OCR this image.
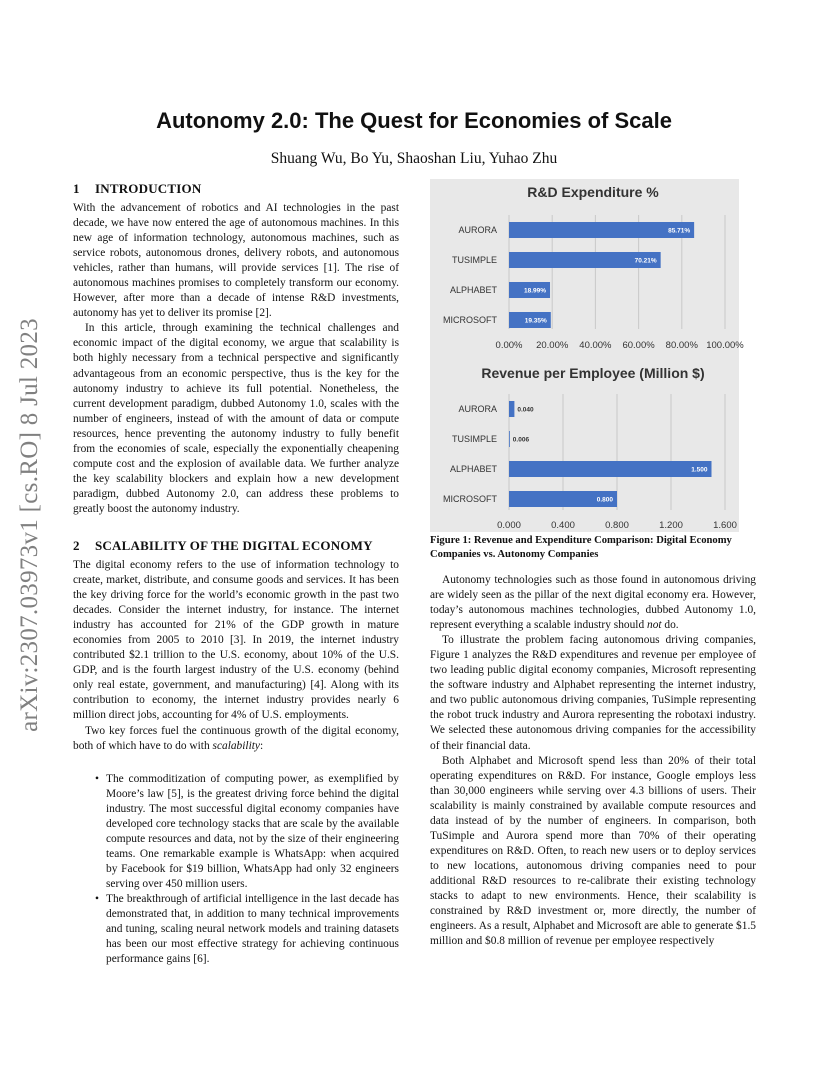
arXiv:2307.03973v1 [cs.RO] 8 Jul 2023
Autonomy 2.0: The Quest for Economies of Scale
Shuang Wu, Bo Yu, Shaoshan Liu, Yuhao Zhu
1 INTRODUCTION

With the advancement of robotics and AI technologies in the past decade, we have now entered the age of autonomous machines. In this new age of information technology, autonomous machines, such as service robots, autonomous drones, delivery robots, and autonomous vehicles, rather than humans, will provide services [1]. The rise of autonomous machines promises to completely transform our economy. However, after more than a decade of intense R&D investments, autonomy has yet to deliver its promise [2].

In this article, through examining the technical challenges and economic impact of the digital economy, we argue that scalability is both highly necessary from a technical perspective and significantly advantageous from an economic perspective, thus is the key for the autonomy industry to achieve its full potential. Nonetheless, the current development paradigm, dubbed Autonomy 1.0, scales with the number of engineers, instead of with the amount of data or compute resources, hence preventing the autonomy industry to fully benefit from the economies of scale, especially the exponentially cheapening compute cost and the explosion of available data. We further analyze the key scalability blockers and explain how a new development paradigm, dubbed Autonomy 2.0, can address these problems to greatly boost the autonomy industry.

2 SCALABILITY OF THE DIGITAL ECONOMY

The digital economy refers to the use of information technology to create, market, distribute, and consume goods and services. It has been the key driving force for the world’s economic growth in the past two decades. Consider the internet industry, for instance. The internet industry has accounted for 21% of the GDP growth in mature economies from 2005 to 2010 [3]. In 2019, the internet industry contributed $2.1 trillion to the U.S. economy, about 10% of the U.S. GDP, and is the fourth largest industry of the U.S. economy (behind only real estate, government, and manufacturing) [4]. Along with its contribution to economy, the internet industry provides nearly 6 million direct jobs, accounting for 4% of U.S. employments.

Two key forces fuel the continuous growth of the digital economy, both of which have to do with scalability:

• The commoditization of computing power, as exemplified by Moore’s law [5], is the greatest driving force behind the digital industry. The most successful digital economy companies have developed core technology stacks that are scale by the available compute resources and data, not by the size of their engineering teams. One remarkable example is WhatsApp: when acquired by Facebook for $19 billion, WhatsApp had only 32 engineers serving over 450 million users.
• The breakthrough of artificial intelligence in the last decade has demonstrated that, in addition to many technical improvements and tuning, scaling neural network models and training datasets has been our most effective strategy for achieving continuous performance gains [6].
R&D Expenditure %
0.00% 20.00% 40.00% 60.00% 80.00% 100.00%
AURORA	85.71%
TUSIMPLE	70.21%
ALPHABET	18.99%
MICROSOFT	19.35%
Revenue per Employee (Million $)
0.000	0.400	0.800	1.200	1.600
AURORA	0.040
TUSIMPLE 0.006
ALPHABET	1.500
MICROSOFT	0.800
Figure 1: Revenue and Expenditure Comparison: Digital Economy Companies vs. Autonomy Companies

Autonomy technologies such as those found in autonomous driving are widely seen as the pillar of the next digital economy era. However, today’s autonomous machines technologies, dubbed Autonomy 1.0, represent everything a scalable industry should not do.

To illustrate the problem facing autonomous driving companies, Figure 1 analyzes the R&D expenditures and revenue per employee of two leading public digital economy companies, Microsoft representing the software industry and Alphabet representing the internet industry, and two public autonomous driving companies, TuSimple representing the robot truck industry and Aurora representing the robotaxi industry. We selected these autonomous driving companies for the accessibility of their financial data.

Both Alphabet and Microsoft spend less than 20% of their total operating expenditures on R&D. For instance, Google employs less than 30,000 engineers while serving over 4.3 billions of users. Their scalability is mainly constrained by available compute resources and data instead of by the number of engineers. In comparison, both TuSimple and Aurora spend more than 70% of their operating expenditures on R&D. Often, to reach new users or to deploy services to new locations, autonomous driving companies need to pour additional R&D resources to re-calibrate their existing technology stacks to adapt to new environments. Hence, their scalability is constrained by R&D investment or, more directly, the number of engineers. As a result, Alphabet and Microsoft are able to generate $1.5 million and $0.8 million of revenue per employee respectively
